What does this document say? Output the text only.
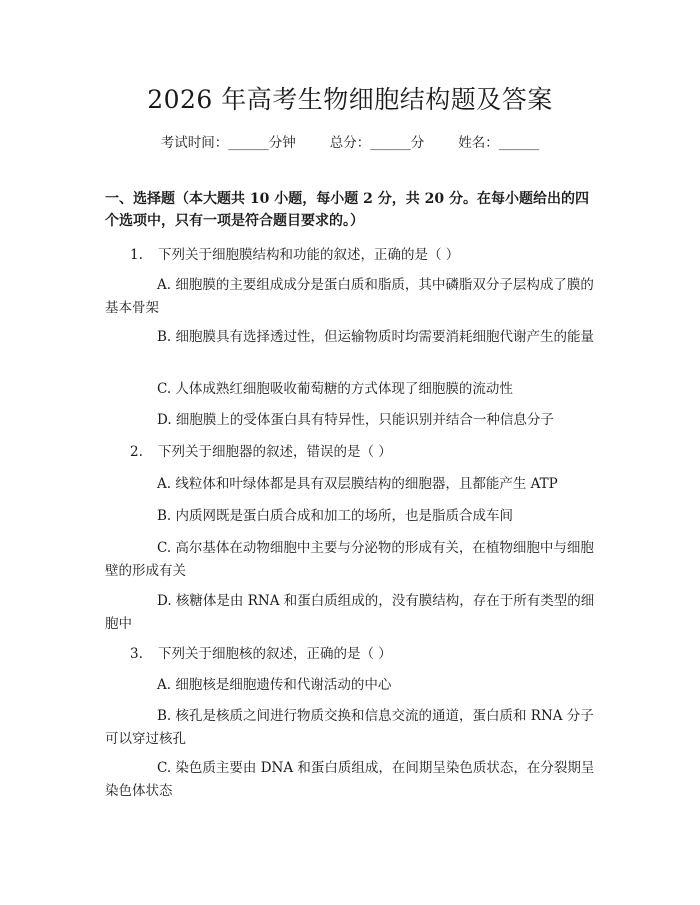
2026 年高考生物细胞结构题及答案
考试时间：______分钟	总分：______分	姓名：______

一、选择题（本大题共 10 小题，每小题 2 分，共 20 分。在每小题给出的四个选项中，只有一项是符合题目要求的。）

1. 下列关于细胞膜结构和功能的叙述，正确的是（ ）

A. 细胞膜的主要组成成分是蛋白质和脂质，其中磷脂双分子层构成了膜的基本骨架

B. 细胞膜具有选择透过性，但运输物质时均需要消耗细胞代谢产生的能量

C. 人体成熟红细胞吸收葡萄糖的方式体现了细胞膜的流动性

D. 细胞膜上的受体蛋白具有特异性，只能识别并结合一种信息分子

2. 下列关于细胞器的叙述，错误的是（ ）

A. 线粒体和叶绿体都是具有双层膜结构的细胞器，且都能产生 ATP

B. 内质网既是蛋白质合成和加工的场所，也是脂质合成车间

C. 高尔基体在动物细胞中主要与分泌物的形成有关，在植物细胞中与细胞壁的形成有关

D. 核糖体是由 RNA 和蛋白质组成的，没有膜结构，存在于所有类型的细胞中

3. 下列关于细胞核的叙述，正确的是（ ）

A. 细胞核是细胞遗传和代谢活动的中心

B. 核孔是核质之间进行物质交换和信息交流的通道，蛋白质和 RNA 分子可以穿过核孔

C. 染色质主要由 DNA 和蛋白质组成，在间期呈染色质状态，在分裂期呈染色体状态
